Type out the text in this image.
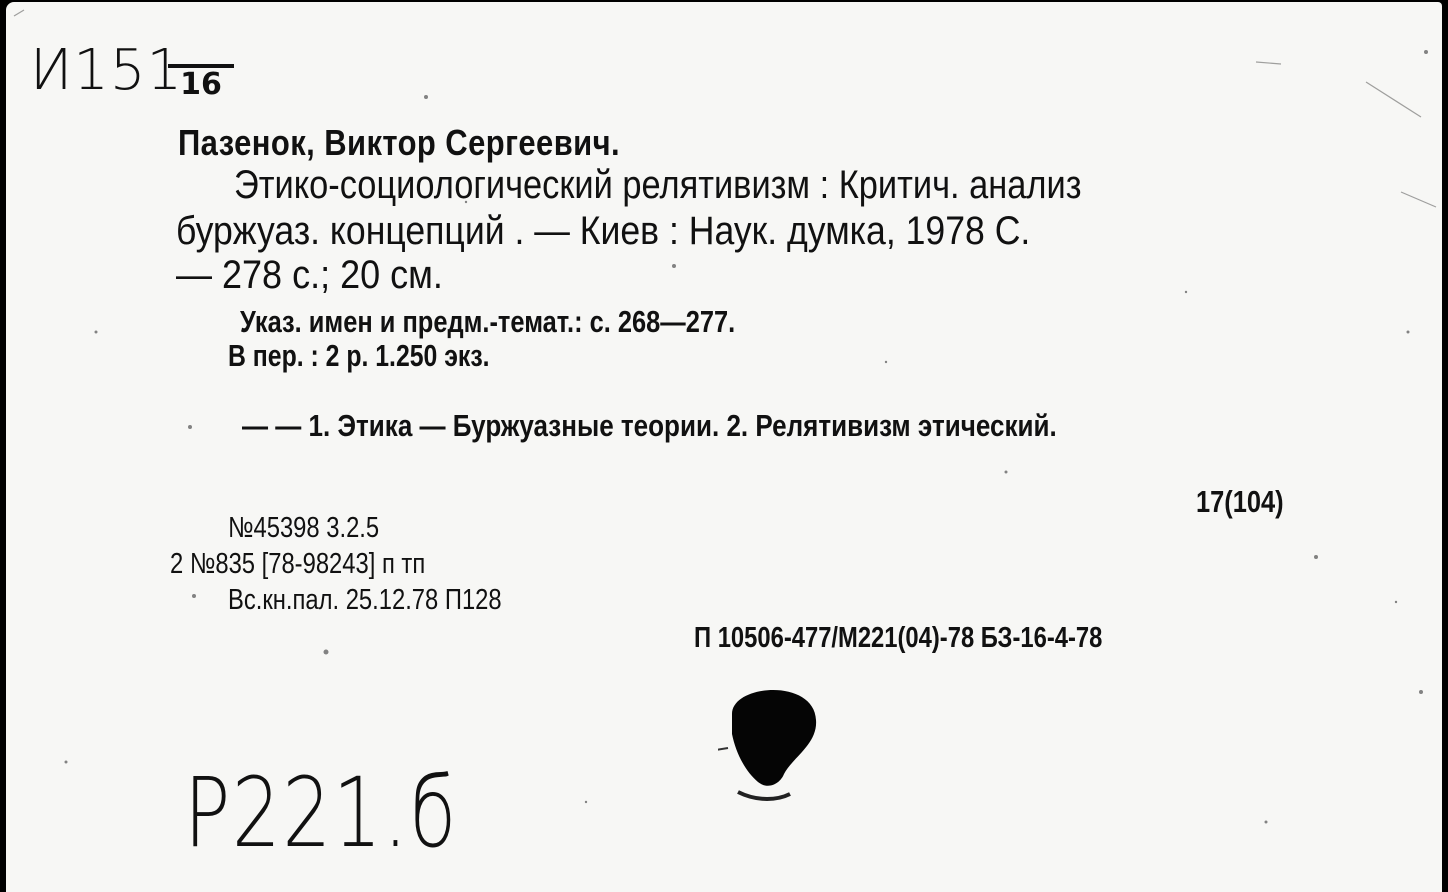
И151
16
Пазенок, Виктор Сергеевич.
Этико-социологический релятивизм : Критич. анализ
буржуаз. концепций . — Киев : Наук. думка, 1978 С.
— 278 с.; 20 см.
Указ. имен и предм.-темат.: с. 268—277.
В пер. : 2 р. 1.250 экз.
— — 1. Этика — Буржуазные теории. 2. Релятивизм этический.
17(104)
№45398 3.2.5
2 №835 [78-98243] п тп
Вс.кн.пал. 25.12.78 П128
П 10506-477/М221(04)-78 БЗ-16-4-78
Р221.б
